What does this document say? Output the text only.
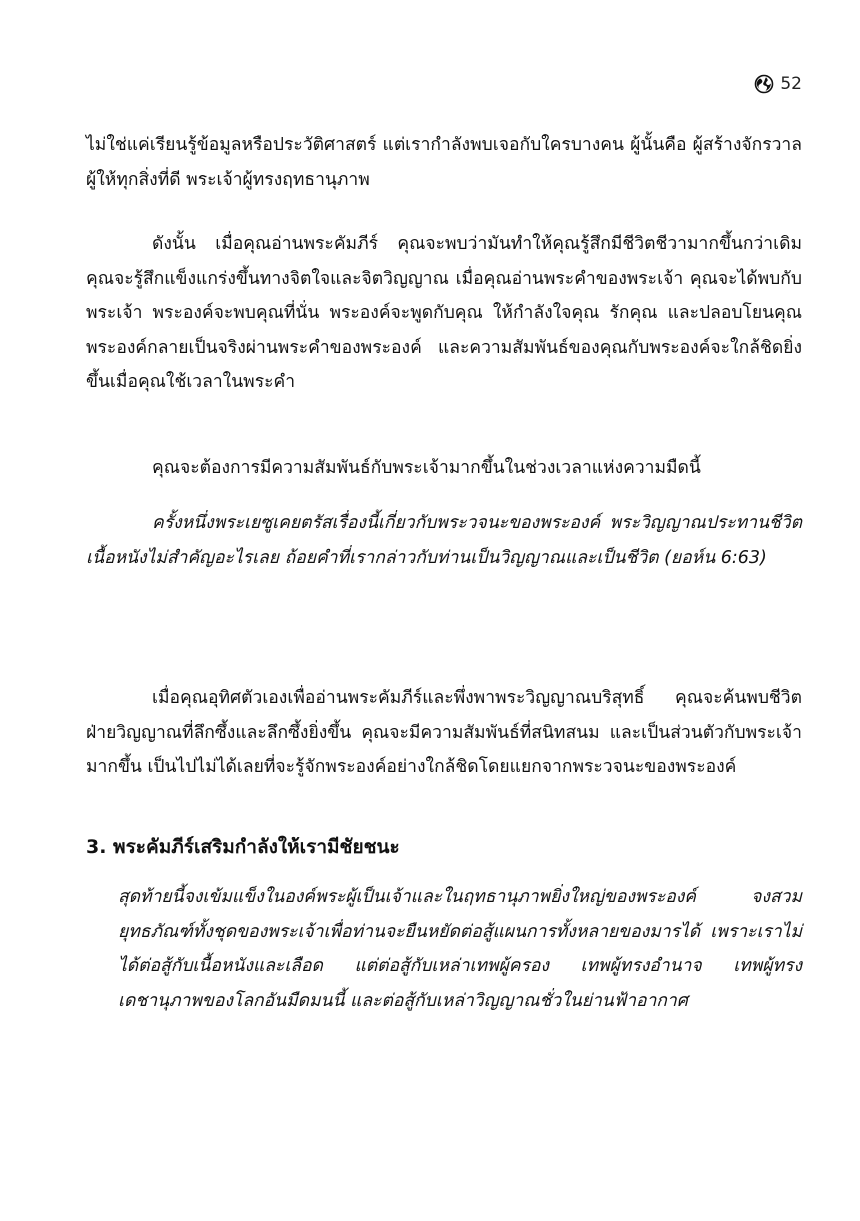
52

ไม่ใช่แค่เรียนรู้ข้อมูลหรือประวัติศาสตร์ แต่เรากำลังพบเจอกับใครบางคน ผู้นั้นคือ ผู้สร้างจักรวาล ผู้ให้ทุกสิ่งที่ดี พระเจ้าผู้ทรงฤทธานุภาพ

ดังนั้น เมื่อคุณอ่านพระคัมภีร์ คุณจะพบว่ามันทำให้คุณรู้สึกมีชีวิตชีวามากขึ้นกว่าเดิม คุณจะรู้สึกแข็งแกร่งขึ้นทางจิตใจและจิตวิญญาณ เมื่อคุณอ่านพระคำของพระเจ้า คุณจะได้พบกับพระเจ้า พระองค์จะพบคุณที่นั่น พระองค์จะพูดกับคุณ ให้กำลังใจคุณ รักคุณ และปลอบโยนคุณ พระองค์กลายเป็นจริงผ่านพระคำของพระองค์ และความสัมพันธ์ของคุณกับพระองค์จะใกล้ชิดยิ่งขึ้นเมื่อคุณใช้เวลาในพระคำ

คุณจะต้องการมีความสัมพันธ์กับพระเจ้ามากขึ้นในช่วงเวลาแห่งความมืดนี้

ครั้งหนึ่งพระเยซูเคยตรัสเรื่องนี้เกี่ยวกับพระวจนะของพระองค์ พระวิญญาณประทานชีวิต เนื้อหนังไม่สำคัญอะไรเลย ถ้อยคำที่เรากล่าวกับท่านเป็นวิญญาณและเป็นชีวิต (ยอห์น 6:63)

เมื่อคุณอุทิศตัวเองเพื่ออ่านพระคัมภีร์และพึ่งพาพระวิญญาณบริสุทธิ์ คุณจะค้นพบชีวิตฝ่ายวิญญาณที่ลึกซึ้งและลึกซึ้งยิ่งขึ้น คุณจะมีความสัมพันธ์ที่สนิทสนม และเป็นส่วนตัวกับพระเจ้ามากขึ้น เป็นไปไม่ได้เลยที่จะรู้จักพระองค์อย่างใกล้ชิดโดยแยกจากพระวจนะของพระองค์

3. พระคัมภีร์เสริมกำลังให้เรามีชัยชนะ

สุดท้ายนี้จงเข้มแข็งในองค์พระผู้เป็นเจ้าและในฤทธานุภาพยิ่งใหญ่ของพระองค์ จงสวมยุทธภัณฑ์ทั้งชุดของพระเจ้าเพื่อท่านจะยืนหยัดต่อสู้แผนการทั้งหลายของมารได้ เพราะเราไม่ได้ต่อสู้กับเนื้อหนังและเลือด แต่ต่อสู้กับเหล่าเทพผู้ครอง เทพผู้ทรงอำนาจ เทพผู้ทรงเดชานุภาพของโลกอันมืดมนนี้ และต่อสู้กับเหล่าวิญญาณชั่วในย่านฟ้าอากาศ
